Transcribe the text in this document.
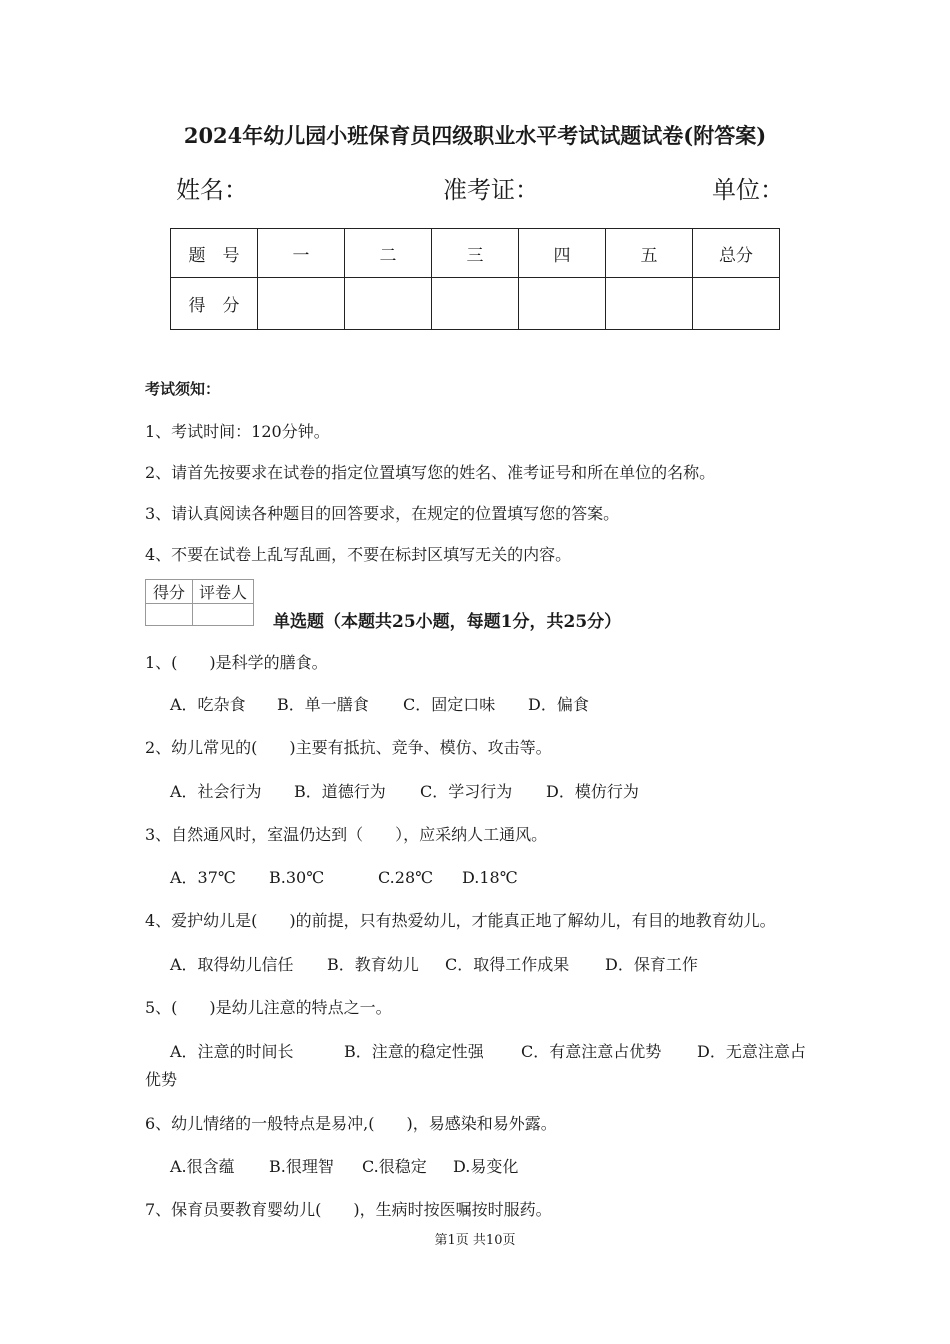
2024年幼儿园小班保育员四级职业水平考试试题试卷(附答案)
姓名：	准考证：	单位：
题　号	一	二	三	四	五	总分
得　分						
考试须知：
1、考试时间：120分钟。
2、请首先按要求在试卷的指定位置填写您的姓名、准考证号和所在单位的名称。
3、请认真阅读各种题目的回答要求，在规定的位置填写您的答案。
4、不要在试卷上乱写乱画，不要在标封区填写无关的内容。
得分	评卷人

单选题（本题共25小题，每题1分，共25分）
1、(　　)是科学的膳食。
A．吃杂食 B．单一膳食 C．固定口味 D．偏食
2、幼儿常见的(　　)主要有抵抗、竞争、模仿、攻击等。
A．社会行为 B．道德行为 C．学习行为 D．模仿行为
3、自然通风时，室温仍达到（　　），应采纳人工通风。
A．37℃ B.30℃	C.28℃ D.18℃
4、爱护幼儿是(　　)的前提，只有热爱幼儿，才能真正地了解幼儿，有目的地教育幼儿。
A．取得幼儿信任 B．教育幼儿 C．取得工作成果 D．保育工作
5、(　　)是幼儿注意的特点之一。
A．注意的时间长	B．注意的稳定性强 C．有意注意占优势 D．无意注意占
优势
6、幼儿情绪的一般特点是易冲,(　　)，易感染和易外露。
A.很含蕴 B.很理智 C.很稳定 D.易变化
7、保育员要教育婴幼儿(　　)，生病时按医嘱按时服药。
第1页 共10页
